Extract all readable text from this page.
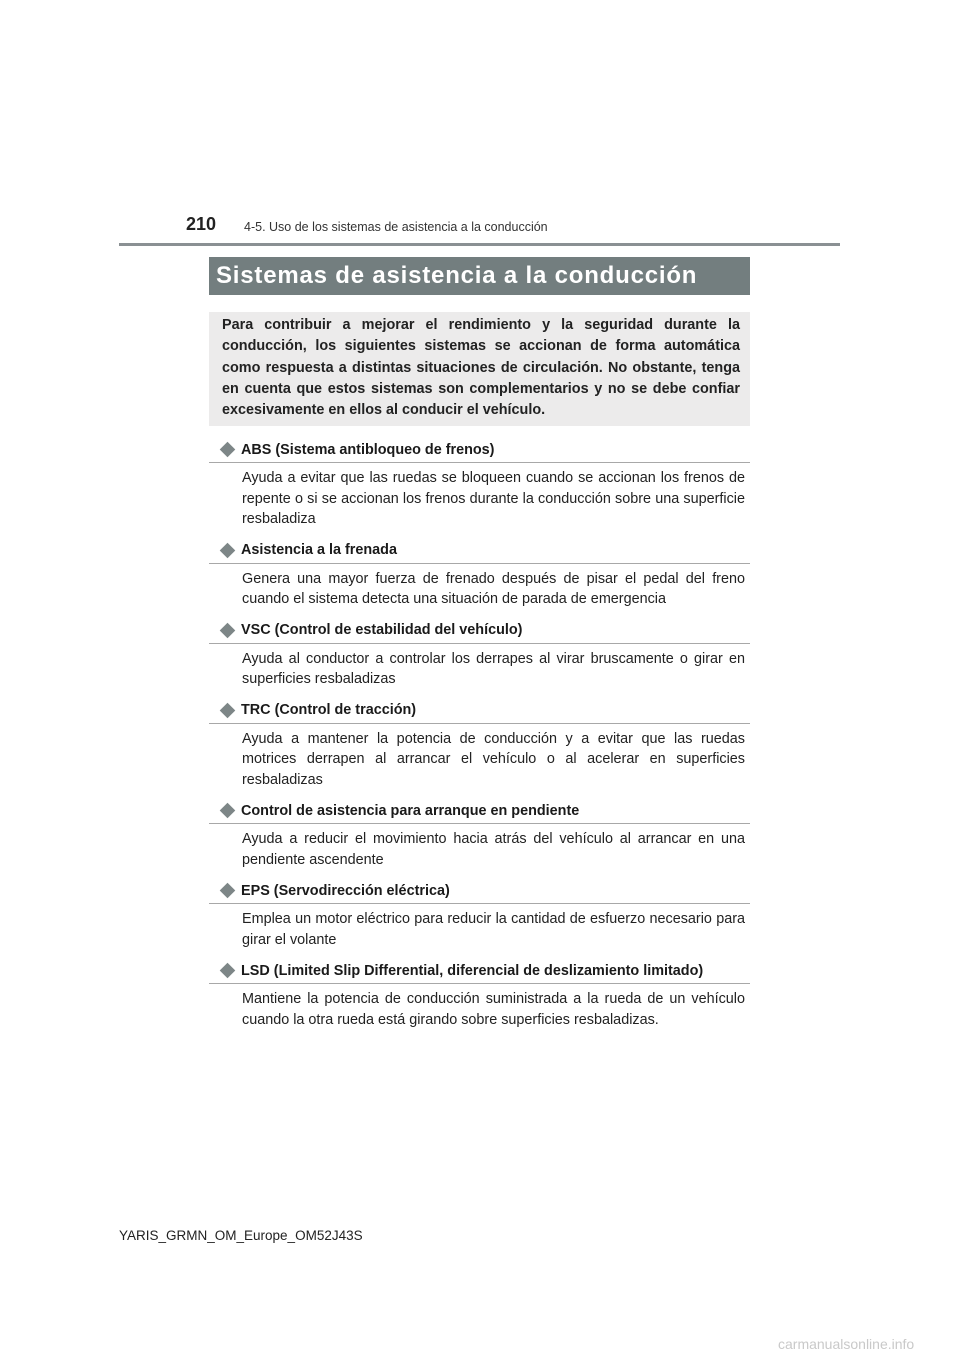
210 4-5. Uso de los sistemas de asistencia a la conducción
Sistemas de asistencia a la conducción

Para contribuir a mejorar el rendimiento y la seguridad durante la conducción, los siguientes sistemas se accionan de forma automática como respuesta a distintas situaciones de circulación. No obstante, tenga en cuenta que estos sistemas son complementarios y no se debe confiar excesivamente en ellos al conducir el vehículo.

ABS (Sistema antibloqueo de frenos)
Ayuda a evitar que las ruedas se bloqueen cuando se accionan los frenos de repente o si se accionan los frenos durante la conducción sobre una superficie resbaladiza
Asistencia a la frenada
Genera una mayor fuerza de frenado después de pisar el pedal del freno cuando el sistema detecta una situación de parada de emergencia
VSC (Control de estabilidad del vehículo)
Ayuda al conductor a controlar los derrapes al virar bruscamente o girar en superficies resbaladizas
TRC (Control de tracción)
Ayuda a mantener la potencia de conducción y a evitar que las ruedas motrices derrapen al arrancar el vehículo o al acelerar en superficies resbaladizas
Control de asistencia para arranque en pendiente
Ayuda a reducir el movimiento hacia atrás del vehículo al arrancar en una pendiente ascendente
EPS (Servodirección eléctrica)
Emplea un motor eléctrico para reducir la cantidad de esfuerzo necesario para girar el volante
LSD (Limited Slip Differential, diferencial de deslizamiento limitado)
Mantiene la potencia de conducción suministrada a la rueda de un vehículo cuando la otra rueda está girando sobre superficies resbaladizas.
YARIS_GRMN_OM_Europe_OM52J43S
carmanualsonline.info
